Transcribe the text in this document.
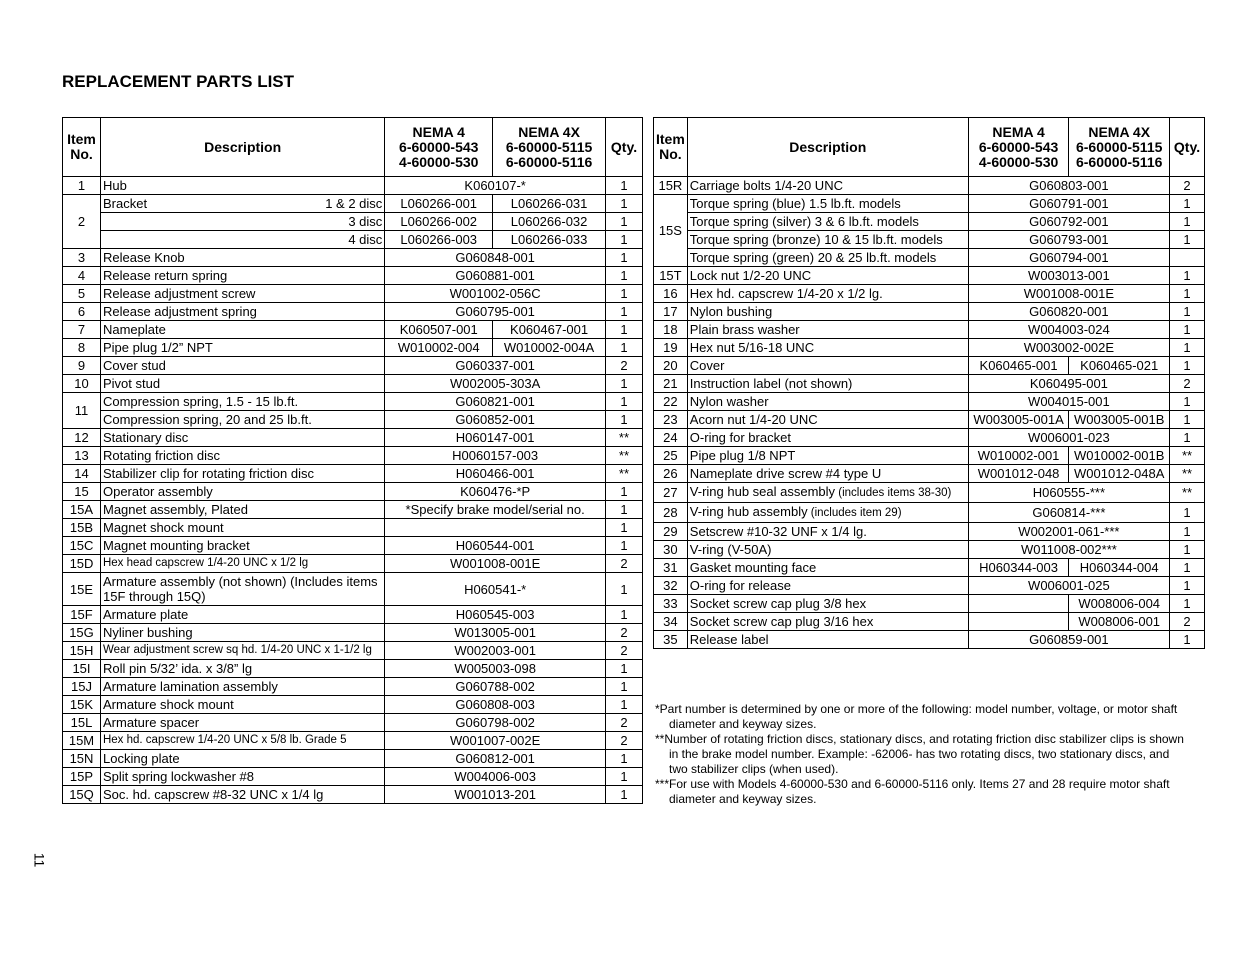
REPLACEMENT PARTS LIST
Item No.	Description	NEMA 4
6-60000-543
4-60000-530	NEMA 4X
6-60000-5115
6-60000-5116	Qty.
1	Hub	K060107-*		1
2	Bracket 1 & 2 disc	L060266-001	L060266-031	1

	3 disc	L060266-002	L060266-032	1

	4 disc	L060266-003	L060266-033	1
3	Release Knob	G060848-001		1
4	Release return spring	G060881-001		1
5	Release adjustment screw	W001002-056C		1
6	Release adjustment spring	G060795-001		1
7	Nameplate	K060507-001	K060467-001	1
8	Pipe plug 1/2” NPT	W010002-004	W010002-004A	1
9	Cover stud	G060337-001		2
10	Pivot stud	W002005-303A		1
11	Compression spring, 1.5 - 15 lb.ft.	G060821-001		1
	Compression spring, 20 and 25 lb.ft.	G060852-001		1
12	Stationary disc	H060147-001		**
13	Rotating friction disc	H0060157-003		**
14	Stabilizer clip for rotating friction disc	H060466-001		**
15	Operator assembly	K060476-*P		1
15A	Magnet assembly, Plated	*Specify brake model/serial no.		1
15B	Magnet shock mount			1
15C	Magnet mounting bracket	H060544-001		1
15D	Hex head capscrew 1/4-20 UNC x 1/2 lg	W001008-001E		2
15E	Armature assembly (not shown) (Includes items 15F through 15Q)	H060541-*		1
15F	Armature plate	H060545-003		1
15G	Nyliner bushing	W013005-001		2
15H	Wear adjustment screw sq hd. 1/4-20 UNC x 1-1/2 lg	W002003-001		2
15I	Roll pin 5/32’ ida. x 3/8” lg	W005003-098		1
15J	Armature lamination assembly	G060788-002		1
15K	Armature shock mount	G060808-003		1
15L	Armature spacer	G060798-002		2
15M	Hex hd. capscrew 1/4-20 UNC x 5/8 lb. Grade 5	W001007-002E		2
15N	Locking plate	G060812-001		1
15P	Split spring lockwasher #8	W004006-003		1
15Q	Soc. hd. capscrew #8-32 UNC x 1/4 lg	W001013-201		1
Item No.	Description	NEMA 4
6-60000-543
4-60000-530	NEMA 4X
6-60000-5115
6-60000-5116	Qty.
15R	Carriage bolts 1/4-20 UNC	G060803-001		2
15S	Torque spring (blue) 1.5 lb.ft. models	G060791-001		1
	Torque spring (silver) 3 & 6 lb.ft. models	G060792-001		1
	Torque spring (bronze) 10 & 15 lb.ft. models	G060793-001		1
	Torque spring (green) 20 & 25 lb.ft. models	G060794-001		
15T	Lock nut 1/2-20 UNC	W003013-001		1
16	Hex hd. capscrew 1/4-20 x 1/2 lg.	W001008-001E		1
17	Nylon bushing	G060820-001		1
18	Plain brass washer	W004003-024		1
19	Hex nut 5/16-18 UNC	W003002-002E		1
20	Cover	K060465-001	K060465-021	1
21	Instruction label (not shown)	K060495-001		2
22	Nylon washer	W004015-001		1
23	Acorn nut 1/4-20 UNC	W003005-001A	W003005-001B	1
24	O-ring for bracket	W006001-023		1
25	Pipe plug 1/8 NPT	W010002-001	W010002-001B	**
26	Nameplate drive screw #4 type U	W001012-048	W001012-048A	**
27	V-ring hub seal assembly (includes items 38-30)	H060555-***		**
28	V-ring hub assembly (includes item 29)	G060814-***		1
29	Setscrew #10-32 UNF x 1/4 lg.	W002001-061-***		1
30	V-ring (V-50A)	W011008-002***		1
31	Gasket mounting face	H060344-003	H060344-004	1
32	O-ring for release	W006001-025		1
33	Socket screw cap plug 3/8 hex		W008006-004	1
34	Socket screw cap plug 3/16 hex		W008006-001	2
35	Release label	G060859-001		1

*Part number is determined by one or more of the following: model number, voltage, or motor shaft diameter and keyway sizes.

**Number of rotating friction discs, stationary discs, and rotating friction disc stabilizer clips is shown in the brake model number. Example: -62006- has two rotating discs, two stationary discs, and two stabilizer clips (when used).

***For use with Models 4-60000-530 and 6-60000-5116 only. Items 27 and 28 require motor shaft diameter and keyway sizes.

11
